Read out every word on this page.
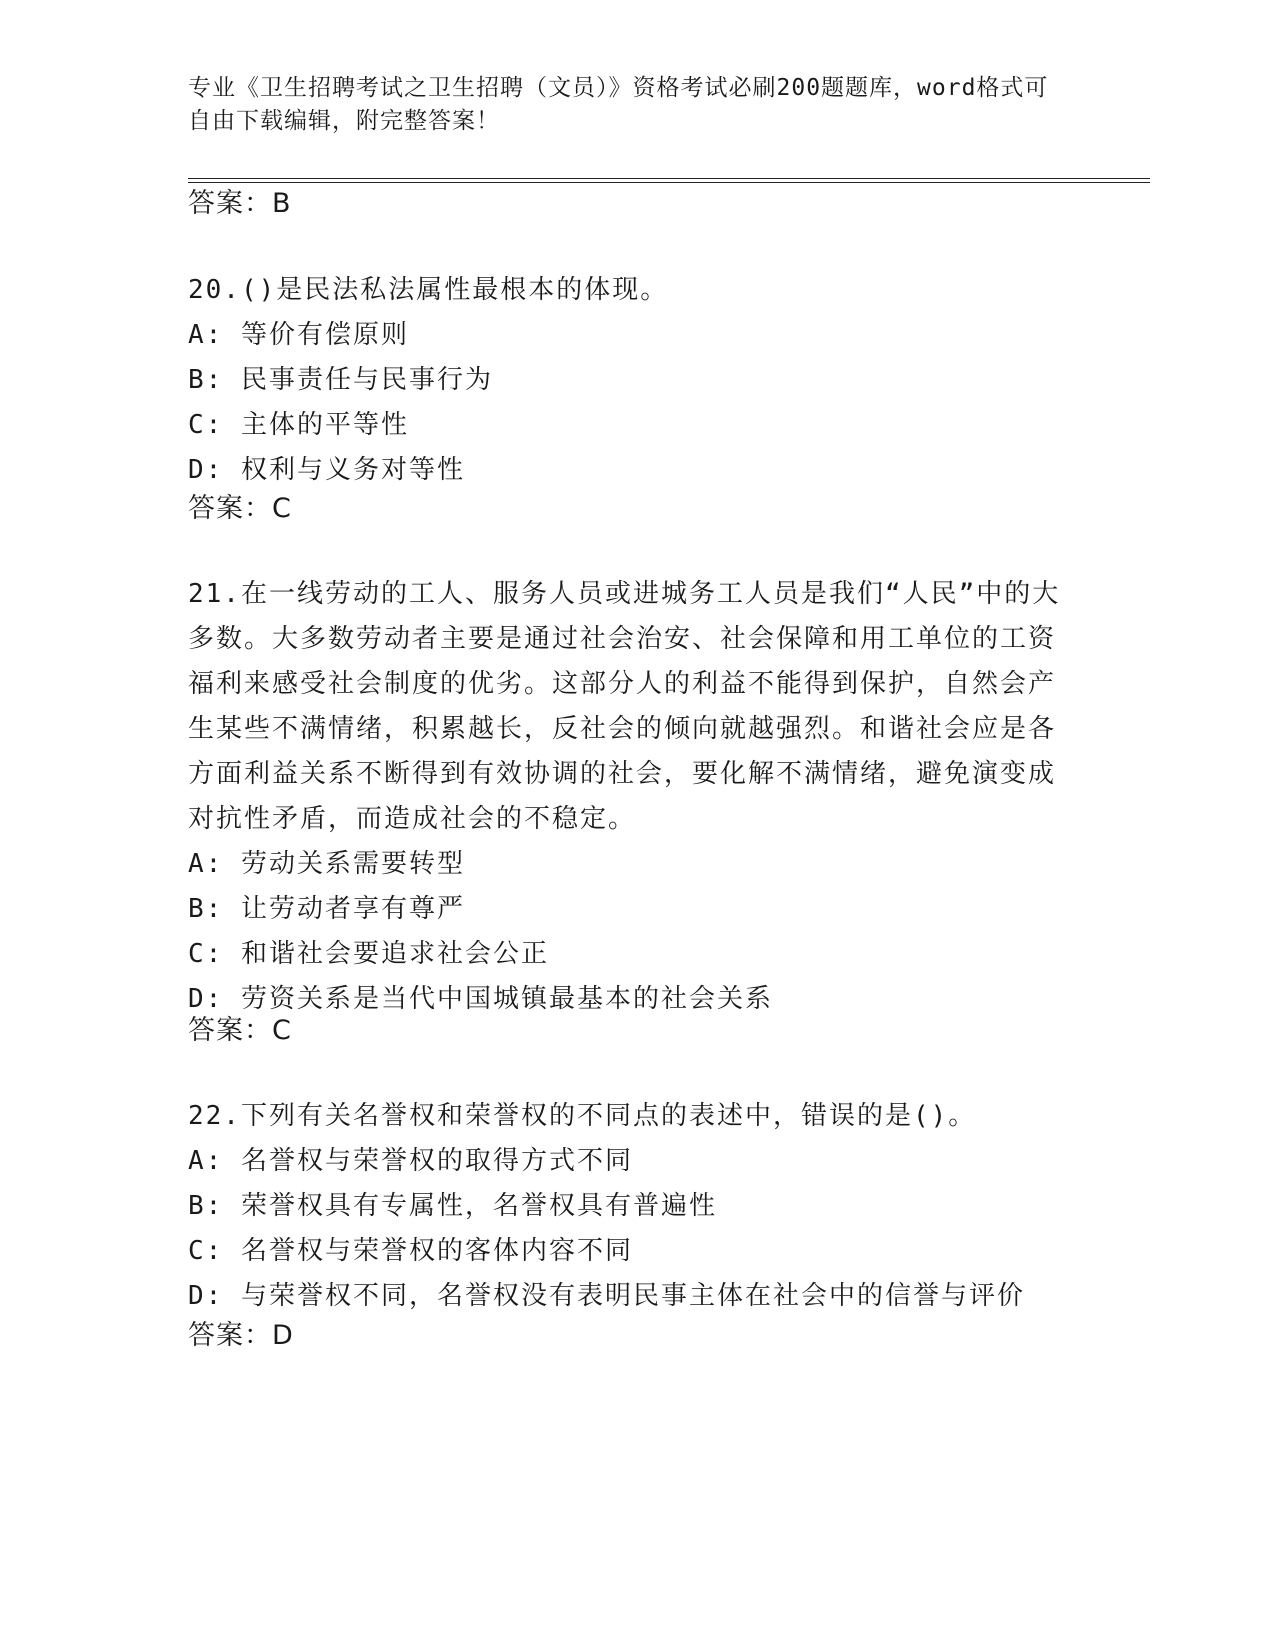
专业《卫生招聘考试之卫生招聘（文员）》资格考试必刷200题题库，word格式可自由下载编辑，附完整答案！
答案：B

20.()是民法私法属性最根本的体现。

A: 等价有偿原则

B: 民事责任与民事行为

C: 主体的平等性

D: 权利与义务对等性

答案：C

21.在一线劳动的工人、服务人员或进城务工人员是我们“人民”中的大多数。大多数劳动者主要是通过社会治安、社会保障和用工单位的工资福利来感受社会制度的优劣。这部分人的利益不能得到保护，自然会产生某些不满情绪，积累越长，反社会的倾向就越强烈。和谐社会应是各方面利益关系不断得到有效协调的社会，要化解不满情绪，避免演变成对抗性矛盾，而造成社会的不稳定。

A: 劳动关系需要转型

B: 让劳动者享有尊严

C: 和谐社会要追求社会公正

D: 劳资关系是当代中国城镇最基本的社会关系

答案：C

22.下列有关名誉权和荣誉权的不同点的表述中，错误的是()。

A: 名誉权与荣誉权的取得方式不同

B: 荣誉权具有专属性，名誉权具有普遍性

C: 名誉权与荣誉权的客体内容不同

D: 与荣誉权不同，名誉权没有表明民事主体在社会中的信誉与评价

答案：D
